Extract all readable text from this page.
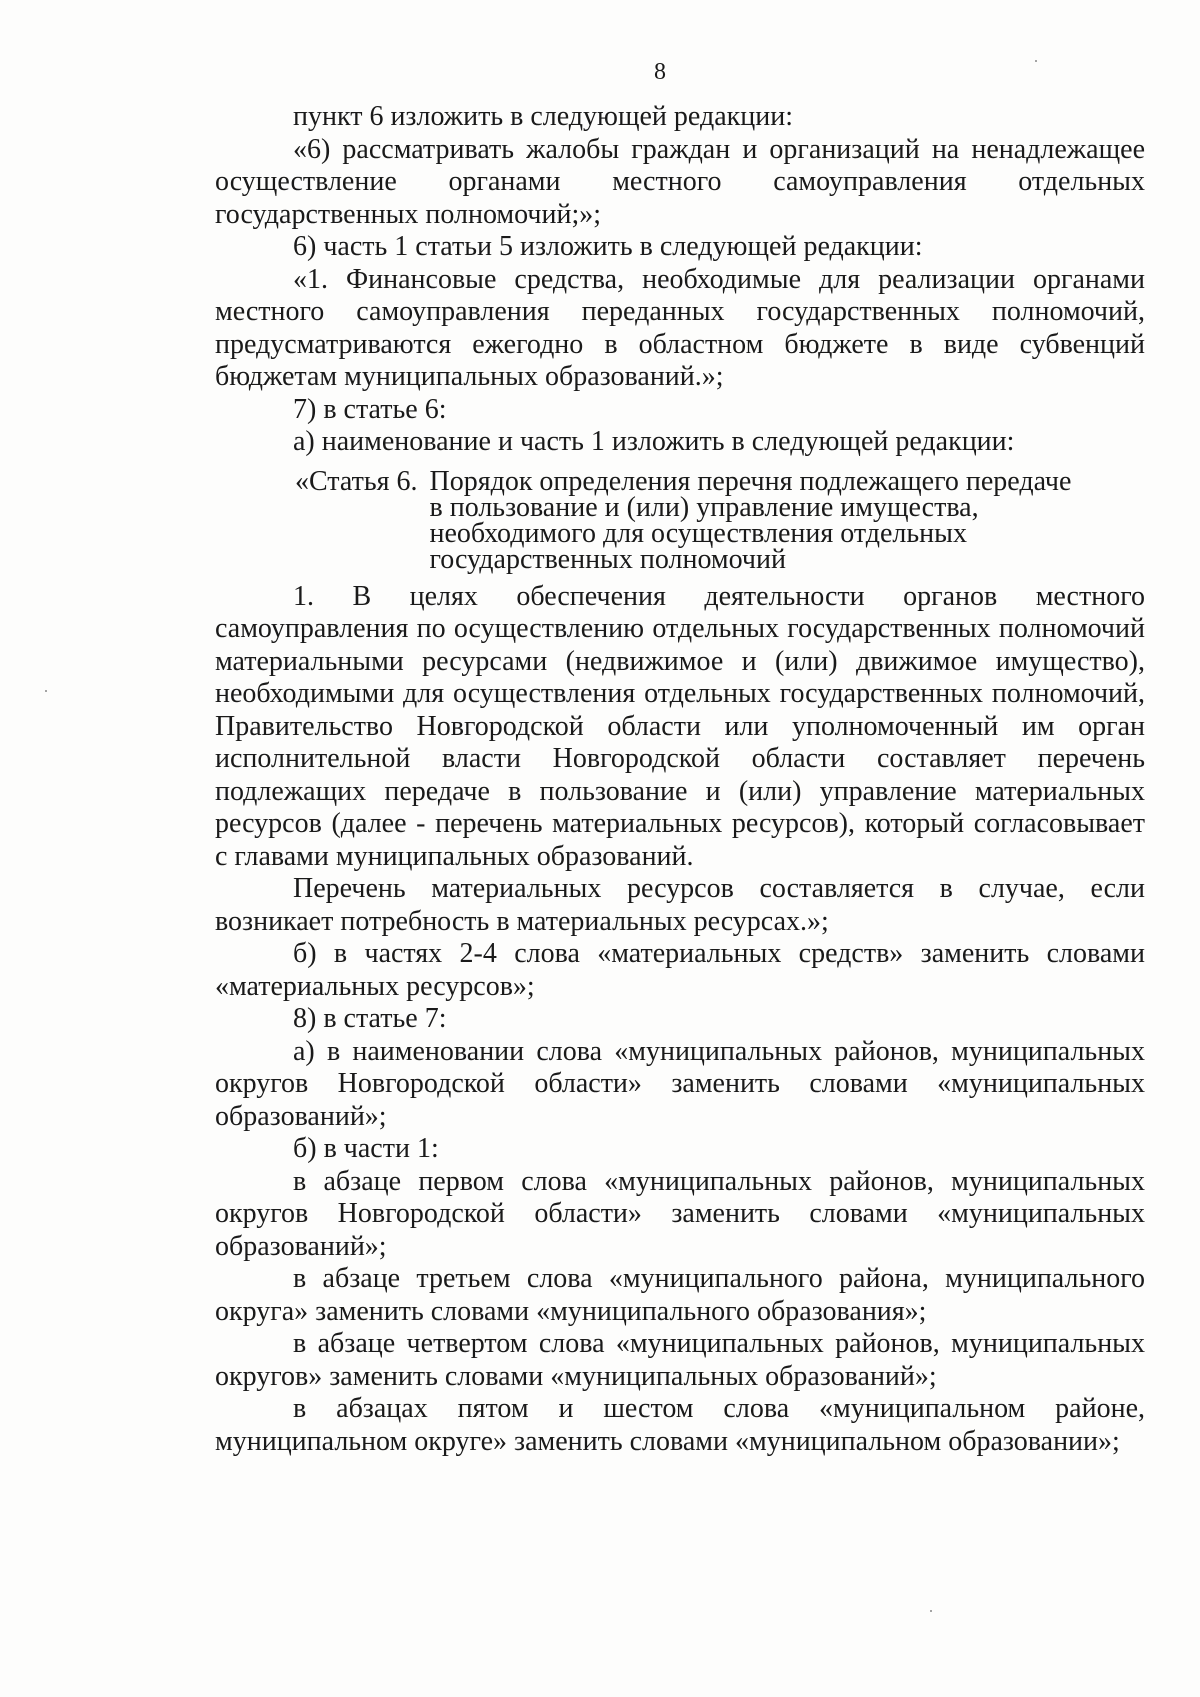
8

пункт 6 изложить в следующей редакции:

«6) рассматривать жалобы граждан и организаций на ненадлежащее осуществление органами местного самоуправления отдельных государственных полномочий;»;

6) часть 1 статьи 5 изложить в следующей редакции:

«1. Финансовые средства, необходимые для реализации органами местного самоуправления переданных государственных полномочий, предусматриваются ежегодно в областном бюджете в виде субвенций бюджетам муниципальных образований.»;

7) в статье 6:

а) наименование и часть 1 изложить в следующей редакции:

«Статья 6. Порядок определения перечня подлежащего передаче
в пользование и (или) управление имущества,
необходимого для осуществления отдельных
государственных полномочий

1. В целях обеспечения деятельности органов местного самоуправления по осуществлению отдельных государственных полномочий материальными ресурсами (недвижимое и (или) движимое имущество), необходимыми для осуществления отдельных государственных полномочий, Правительство Новгородской области или уполномоченный им орган исполнительной власти Новгородской области составляет перечень подлежащих передаче в пользование и (или) управление материальных ресурсов (далее - перечень материальных ресурсов), который согласовывает с главами муниципальных образований.

Перечень материальных ресурсов составляется в случае, если возникает потребность в материальных ресурсах.»;

б) в частях 2-4 слова «материальных средств» заменить словами «материальных ресурсов»;

8) в статье 7:

а) в наименовании слова «муниципальных районов, муниципальных округов Новгородской области» заменить словами «муниципальных образований»;

б) в части 1:

в абзаце первом слова «муниципальных районов, муниципальных округов Новгородской области» заменить словами «муниципальных образований»;

в абзаце третьем слова «муниципального района, муниципального округа» заменить словами «муниципального образования»;

в абзаце четвертом слова «муниципальных районов, муниципальных округов» заменить словами «муниципальных образований»;

в абзацах пятом и шестом слова «муниципальном районе, муниципальном округе» заменить словами «муниципальном образовании»;
